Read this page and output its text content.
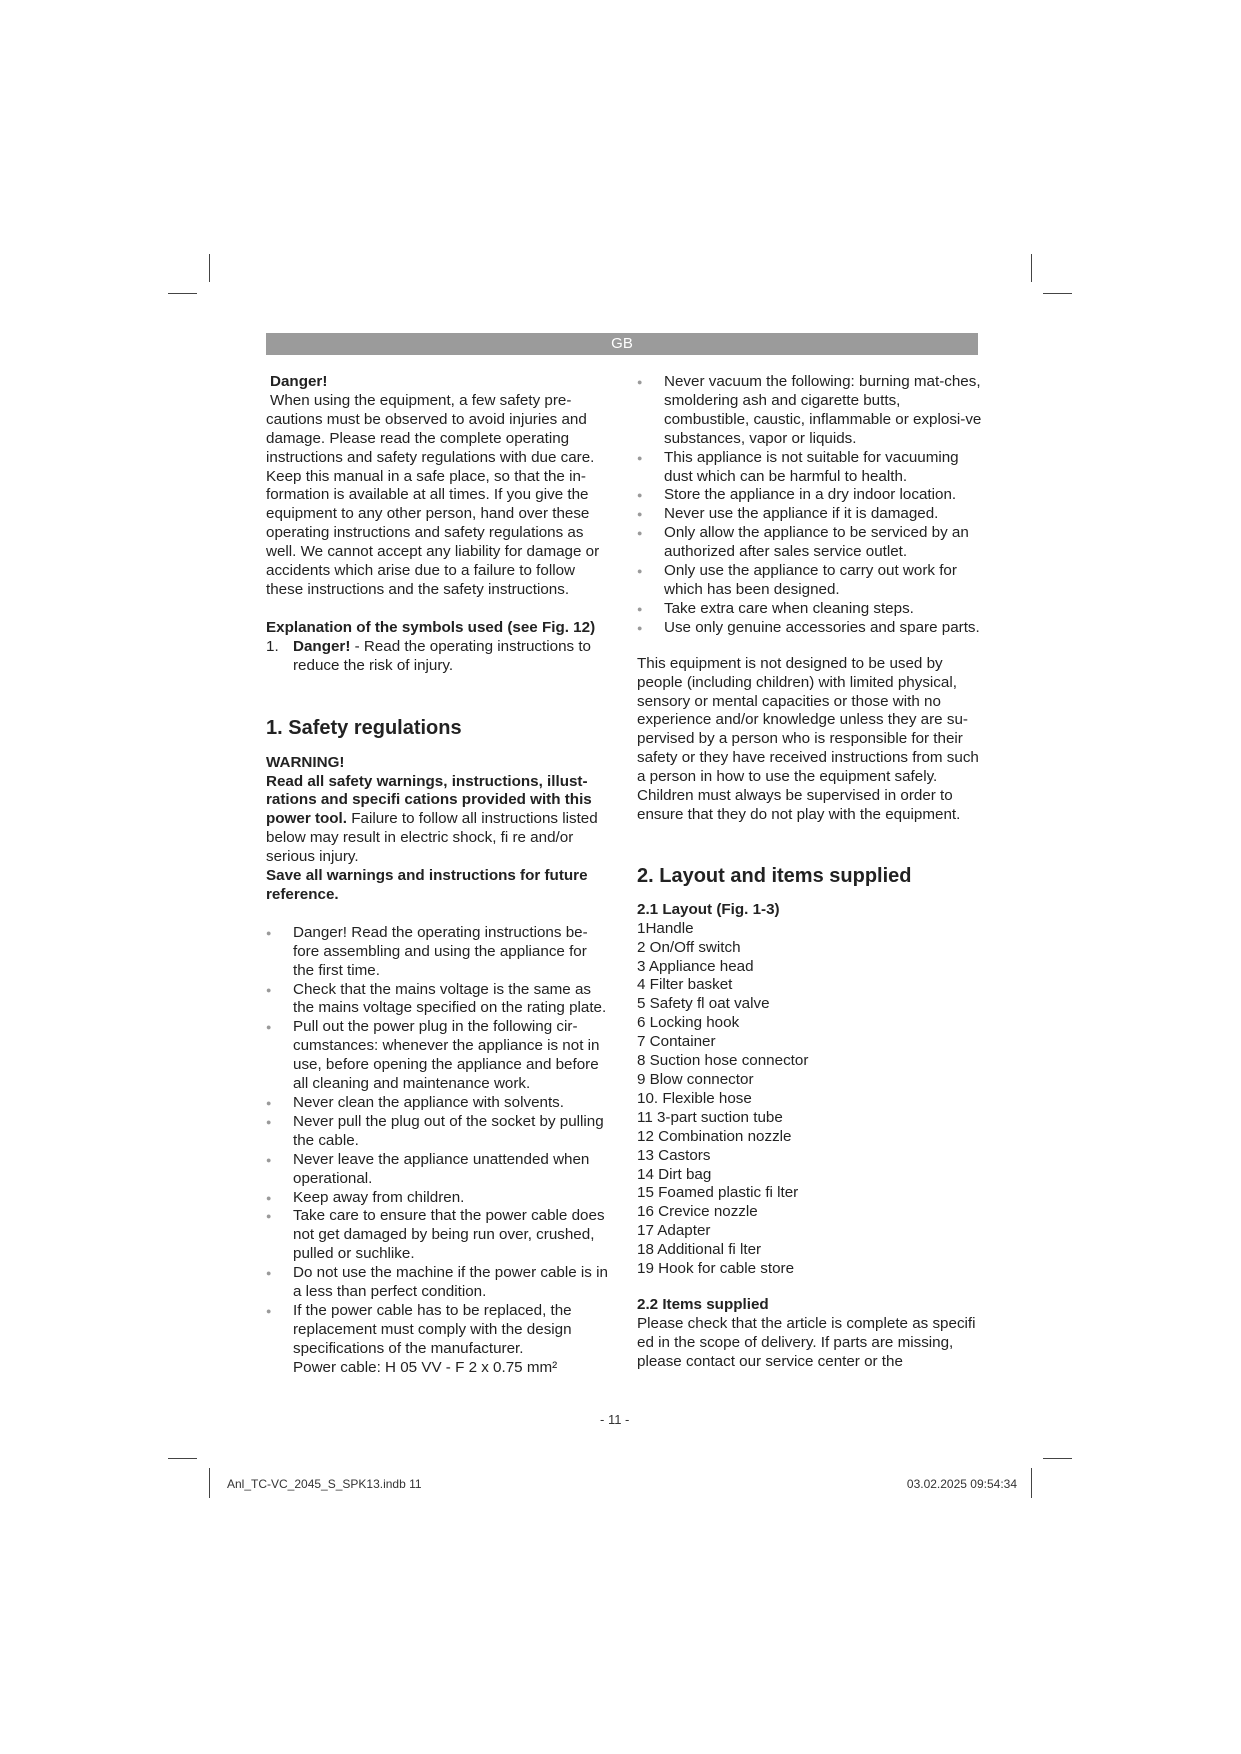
GB

Danger!

When using the equipment, a few safety pre-cautions must be observed to avoid injuries and damage. Please read the complete operating instructions and safety regulations with due care. Keep this manual in a safe place, so that the in-formation is available at all times. If you give the equipment to any other person, hand over these operating instructions and safety regulations as well. We cannot accept any liability for damage or accidents which arise due to a failure to follow these instructions and the safety instructions.

Explanation of the symbols used (see Fig. 12)

1. Danger! - Read the operating instructions to reduce the risk of injury.

1. Safety regulations

WARNING!

Read all safety warnings, instructions, illust-rations and specifi cations provided with this power tool. Failure to follow all instructions listed below may result in electric shock, fi re and/or serious injury.

Save all warnings and instructions for future reference.

● Danger! Read the operating instructions be-fore assembling and using the appliance for the first time.
● Check that the mains voltage is the same as the mains voltage specified on the rating plate.
● Pull out the power plug in the following cir-cumstances: whenever the appliance is not in use, before opening the appliance and before all cleaning and maintenance work.
● Never clean the appliance with solvents.
● Never pull the plug out of the socket by pulling the cable.
● Never leave the appliance unattended when operational.
● Keep away from children.
● Take care to ensure that the power cable does not get damaged by being run over, crushed, pulled or suchlike.
● Do not use the machine if the power cable is in a less than perfect condition.
● If the power cable has to be replaced, the replacement must comply with the design specifications of the manufacturer.

Power cable: H 05 VV - F 2 x 0.75 mm²

● Never vacuum the following: burning mat-ches, smoldering ash and cigarette butts, combustible, caustic, inflammable or explosi-ve substances, vapor or liquids.
● This appliance is not suitable for vacuuming dust which can be harmful to health.
● Store the appliance in a dry indoor location.
● Never use the appliance if it is damaged.
● Only allow the appliance to be serviced by an authorized after sales service outlet.
● Only use the appliance to carry out work for which has been designed.
● Take extra care when cleaning steps.
● Use only genuine accessories and spare parts.

This equipment is not designed to be used by people (including children) with limited physical, sensory or mental capacities or those with no experience and/or knowledge unless they are su-pervised by a person who is responsible for their safety or they have received instructions from such a person in how to use the equipment safely. Children must always be supervised in order to ensure that they do not play with the equipment.

2. Layout and items supplied

2.1 Layout (Fig. 1-3)

1Handle
2 On/Off switch
3 Appliance head
4 Filter basket
5 Safety fl oat valve
6 Locking hook
7 Container
8 Suction hose connector
9 Blow connector
10. Flexible hose
11 3-part suction tube
12 Combination nozzle
13 Castors
14 Dirt bag
15 Foamed plastic fi lter
16 Crevice nozzle
17 Adapter
18 Additional fi lter
19 Hook for cable store

2.2 Items supplied

Please check that the article is complete as specifi ed in the scope of delivery. If parts are missing, please contact our service center or the

- 11 -
Anl_TC-VC_2045_S_SPK13.indb 11	03.02.2025 09:54:34
